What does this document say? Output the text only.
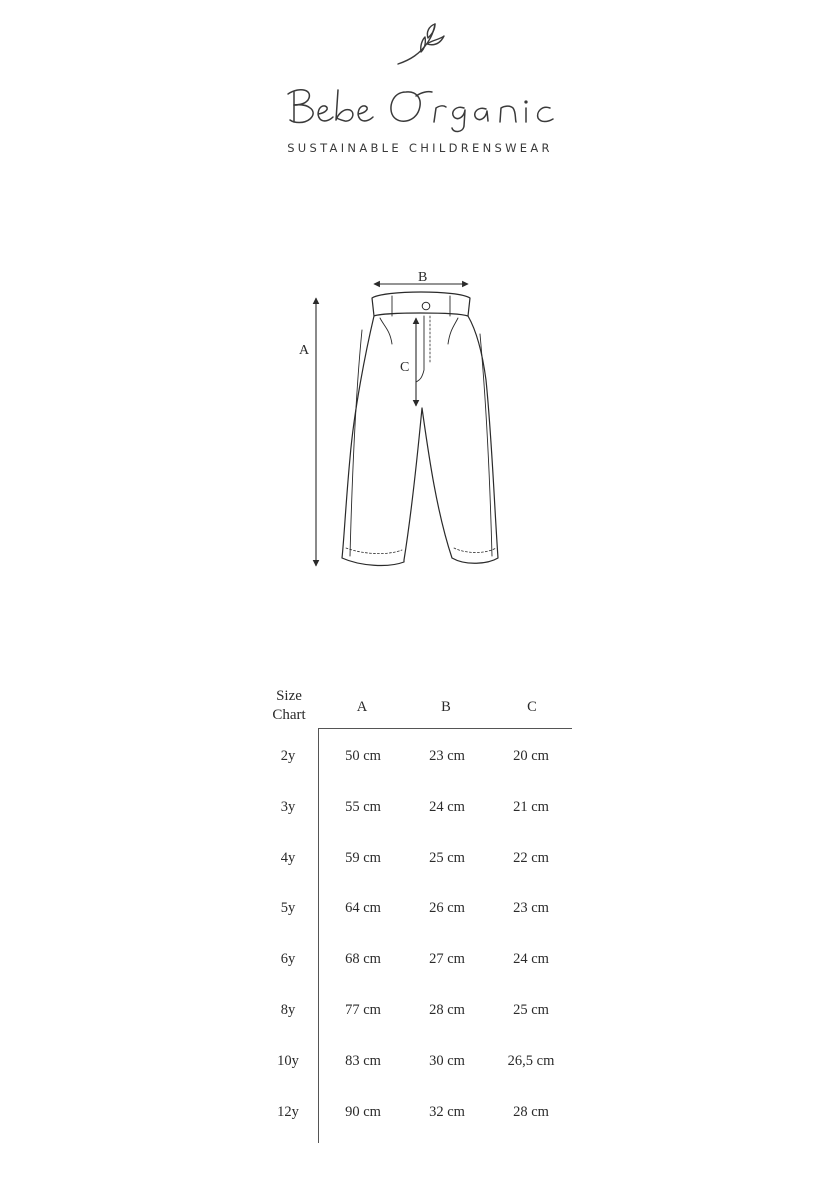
SUSTAINABLE CHILDRENSWEAR
A
B
C
Size
Chart	A	B	C
2y	50 cm	23 cm	20 cm
3y	55 cm	24 cm	21 cm
4y	59 cm	25 cm	22 cm
5y	64 cm	26 cm	23 cm
6y	68 cm	27 cm	24 cm
8y	77 cm	28 cm	25 cm
10y	83 cm	30 cm	26,5 cm
12y	90 cm	32 cm	28 cm
